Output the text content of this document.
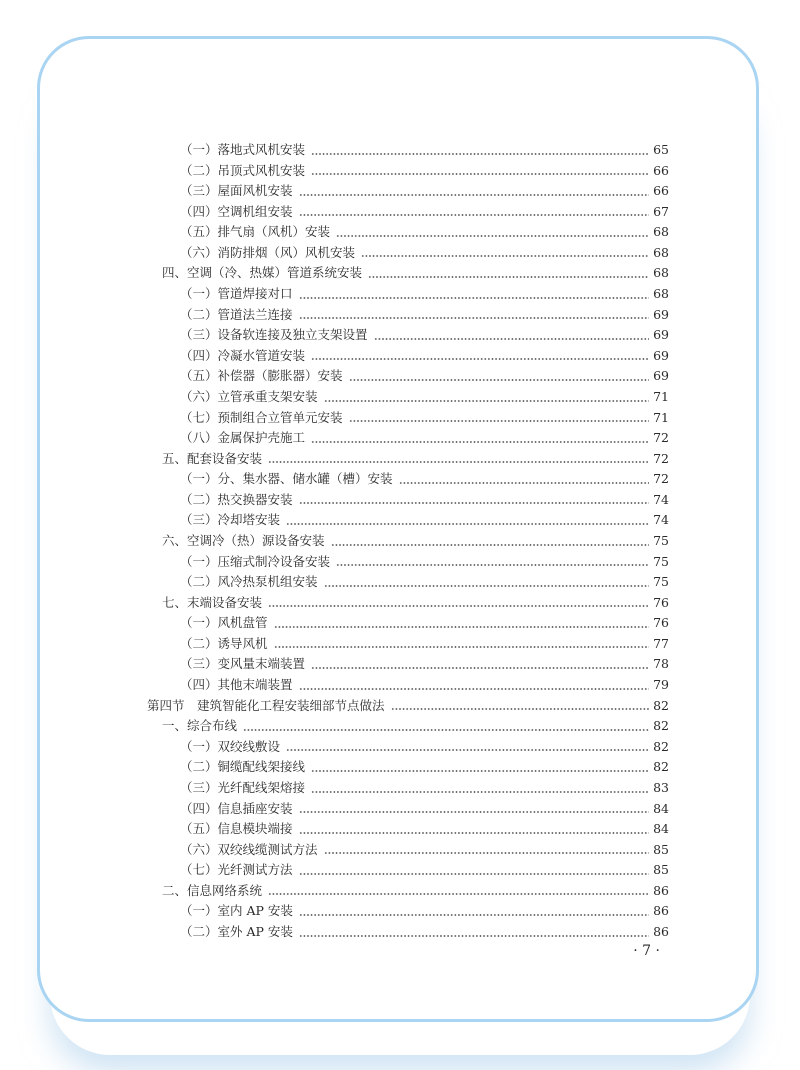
（一）落地式风机安装	65
（二）吊顶式风机安装	66
（三）屋面风机安装	66
（四）空调机组安装	67
（五）排气扇（风机）安装	68
（六）消防排烟（风）风机安装	68
四、空调（冷、热媒）管道系统安装	68
（一）管道焊接对口	68
（二）管道法兰连接	69
（三）设备软连接及独立支架设置	69
（四）冷凝水管道安装	69
（五）补偿器（膨胀器）安装	69
（六）立管承重支架安装	71
（七）预制组合立管单元安装	71
（八）金属保护壳施工	72
五、配套设备安装	72
（一）分、集水器、储水罐（槽）安装	72
（二）热交换器安装	74
（三）冷却塔安装	74
六、空调冷（热）源设备安装	75
（一）压缩式制冷设备安装	75
（二）风冷热泵机组安装	75
七、末端设备安装	76
（一）风机盘管	76
（二）诱导风机	77
（三）变风量末端装置	78
（四）其他末端装置	79
第四节　建筑智能化工程安装细部节点做法	82
一、综合布线	82
（一）双绞线敷设	82
（二）铜缆配线架接线	82
（三）光纤配线架熔接	83
（四）信息插座安装	84
（五）信息模块端接	84
（六）双绞线缆测试方法	85
（七）光纤测试方法	85
二、信息网络系统	86
（一）室内 AP 安装	86
（二）室外 AP 安装	86
· 7 ·
